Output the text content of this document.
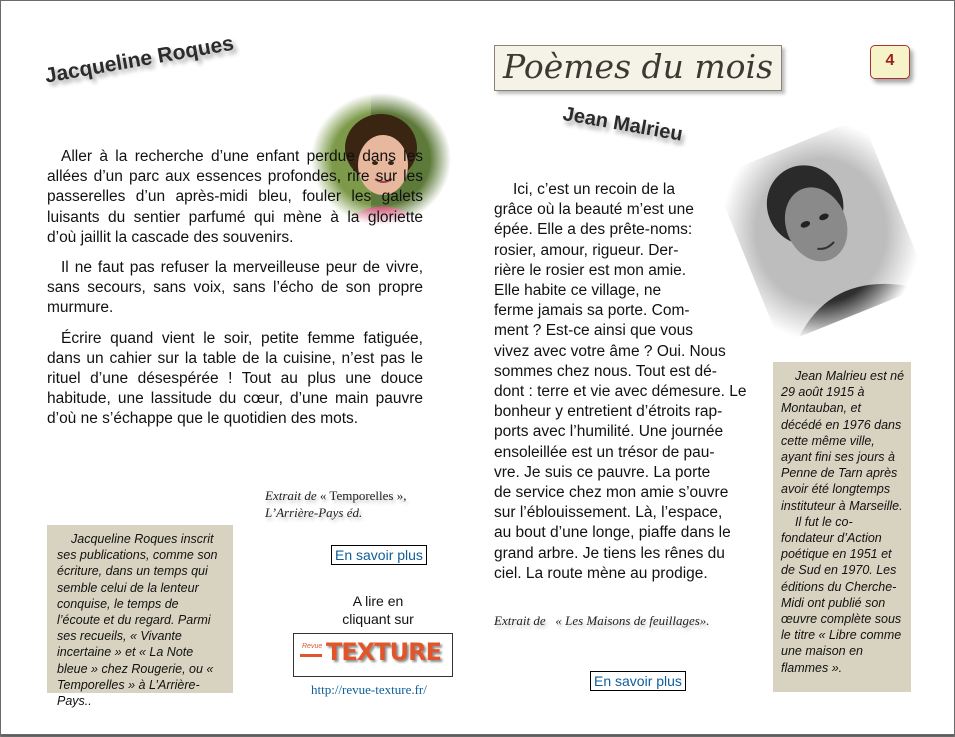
Jacqueline Roques

Aller à la recherche d’une enfant perdue dans les allées d’un parc aux essences profondes, rire sur les passerelles d’un après-midi bleu, fouler les galets luisants du sentier parfumé qui mène à la gloriette d’où jaillit la cascade des souvenirs.

Il ne faut pas refuser la merveilleuse peur de vivre, sans secours, sans voix, sans l’écho de son propre murmure.

Écrire quand vient le soir, petite femme fatiguée, dans un cahier sur la table de la cuisine, n’est pas le rituel d’une désespérée ! Tout au plus une douce habitude, une lassitude du cœur, d’une main pauvre d’où ne s’échappe que le quotidien des mots.

Extrait de « Temporelles »,
L’Arrière-Pays éd.

Jacqueline Roques inscrit ses publications, comme son écriture, dans un temps qui semble celui de la lenteur conquise, le temps de l’écoute et du regard. Parmi ses recueils, « Vivante incertaine » et « La Note bleue » chez Rougerie, ou « Temporelles » à L’Arrière-Pays..

En savoir plus
A lire en
cliquant sur
Revue TEXTURE
http://revue-texture.fr/
Poèmes du mois	4
Jean Malrieu
Ici, c’est un recoin de la
grâce où la beauté m’est une
épée. Elle a des prête-noms:
rosier, amour, rigueur. Der-
rière le rosier est mon amie.
Elle habite ce village, ne
ferme jamais sa porte. Com-
ment ? Est-ce ainsi que vous
vivez avec votre âme ? Oui. Nous
sommes chez nous. Tout est dé-
dont : terre et vie avec démesure. Le
bonheur y entretient d’étroits rap-
ports avec l’humilité. Une journée
ensoleillée est un trésor de pau-
vre. Je suis ce pauvre. La porte
de service chez mon amie s’ouvre
sur l’éblouissement. Là, l’espace,
au bout d’une longe, piaffe dans le
grand arbre. Je tiens les rênes du
ciel. La route mène au prodige.
Extrait de   « Les Maisons de feuillages».
En savoir plus

Jean Malrieu est né 29 août 1915 à Montauban, et décédé en 1976 dans cette même ville, ayant fini ses jours à Penne de Tarn après avoir été longtemps instituteur à Marseille.

Il fut le co-fondateur d’Action poétique en 1951 et de Sud en 1970. Les éditions du Cherche-Midi ont publié son œuvre complète sous le titre « Libre comme une maison en flammes ».
